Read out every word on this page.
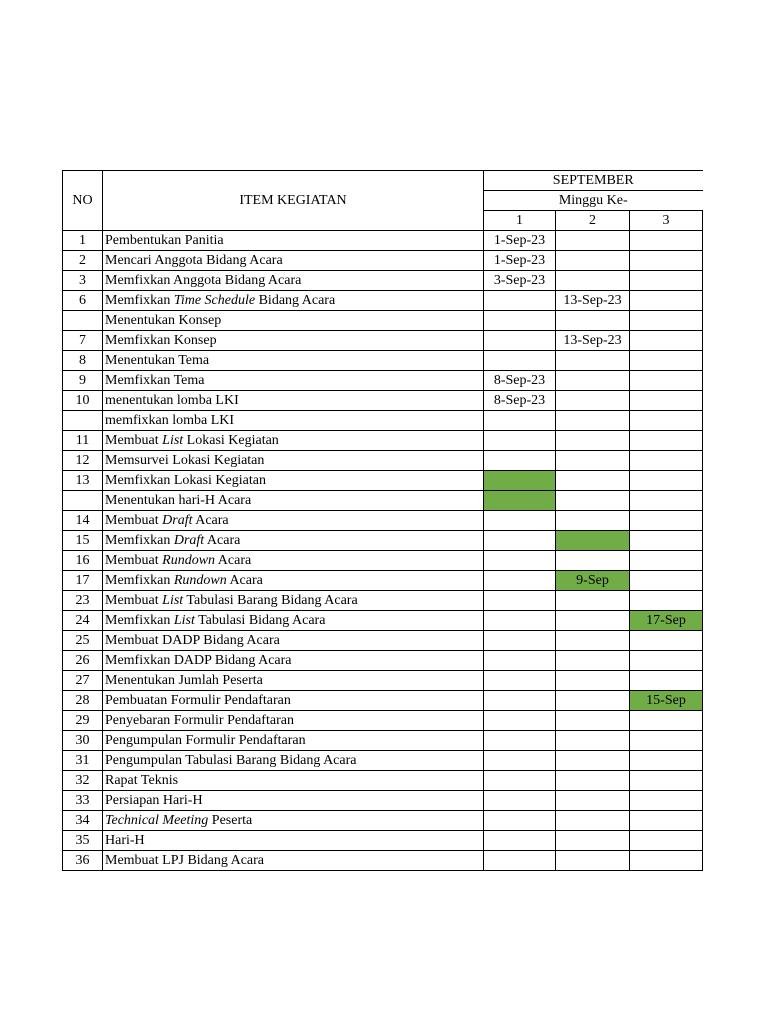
NO	ITEM KEGIATAN	SEPTEMBER		
		Minggu Ke-		
		1	2	3
1	Pembentukan Panitia	1-Sep-23		
2	Mencari Anggota Bidang Acara	1-Sep-23		
3	Memfixkan Anggota Bidang Acara	3-Sep-23		
6	Memfixkan Time Schedule Bidang Acara		13-Sep-23	
	Menentukan Konsep			
7	Memfixkan Konsep		13-Sep-23	
8	Menentukan Tema			
9	Memfixkan Tema	8-Sep-23		
10	menentukan lomba LKI	8-Sep-23		
	memfixkan lomba LKI			
11	Membuat List Lokasi Kegiatan			
12	Memsurvei Lokasi Kegiatan			
13	Memfixkan Lokasi Kegiatan			
	Menentukan hari-H Acara			
14	Membuat Draft Acara			
15	Memfixkan Draft Acara			
16	Membuat Rundown Acara			
17	Memfixkan Rundown Acara		9-Sep	
23	Membuat List Tabulasi Barang Bidang Acara			
24	Memfixkan List Tabulasi Bidang Acara			17-Sep
25	Membuat DADP Bidang Acara			
26	Memfixkan DADP Bidang Acara			
27	Menentukan Jumlah Peserta			
28	Pembuatan Formulir Pendaftaran			15-Sep
29	Penyebaran Formulir Pendaftaran			
30	Pengumpulan Formulir Pendaftaran			
31	Pengumpulan Tabulasi Barang Bidang Acara			
32	Rapat Teknis			
33	Persiapan Hari-H			
34	Technical Meeting Peserta			
35	Hari-H			
36	Membuat LPJ Bidang Acara			
